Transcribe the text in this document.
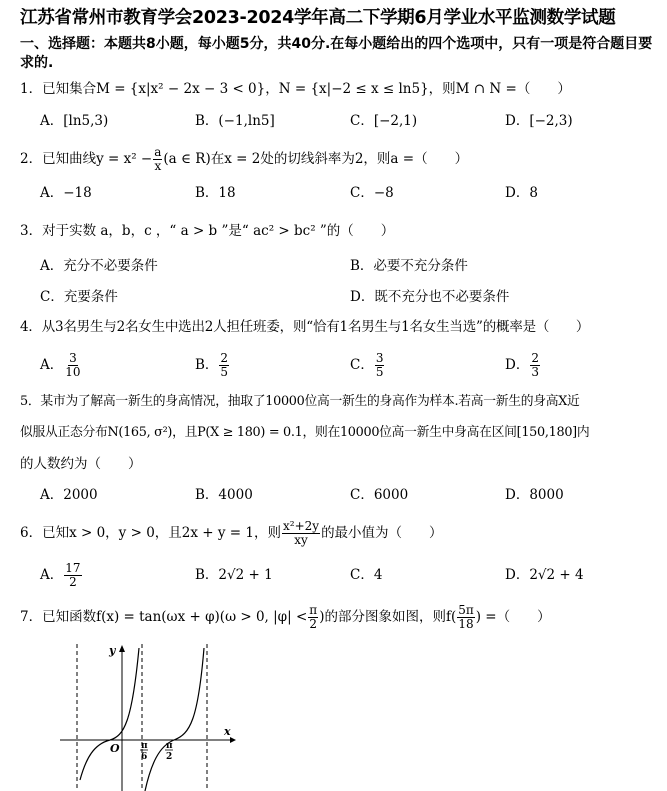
江苏省常州市教育学会2023-2024学年高二下学期6月学业水平监测数学试题
一、选择题：本题共8小题，每小题5分，共40分.在每小题给出的四个选项中，只有一项是符合题目要求的.
1．已知集合M = {x|x² − 2x − 3 < 0}，N = {x|−2 ≤ x ≤ ln5}，则M ∩ N =（　　）
A．[ln5,3)	B．(−1,ln5]	C．[−2,1)	D．[−2,3)
2．已知曲线$y = x^2 - \frac{a}{x} (a$ ∈ R)在x = 2处的切线斜率为2，则a =（　　）
A．−18	B．18	C．−8	D．8
3．对于实数 a，b，c ，“ a > b ”是“ ac² > bc² ”的（　　）
A．充分不必要条件	B．必要不充分条件
C．充要条件	D．既不充分也不必要条件
4．从3名男生与2名女生中选出2人担任班委，则“恰有1名男生与1名女生当选”的概率是（　　）
A． $\frac{3}{10}$	B． $\frac{2}{5}$	C． $\frac{3}{5}$	D． $\frac{2}{3}$
5．某市为了解高一新生的身高情况，抽取了10000位高一新生的身高作为样本.若高一新生的身高X近
似服从正态分布N(165, σ²)，且P(X ≥ 180) = 0.1，则在10000位高一新生中身高在区间[150,180]内
的人数约为（　　）
A．2000	B．4000	C．6000	D．8000
6．已知x > 0，y > 0，且2x + y = 1，则 $\frac{\text{x²+2y}}{xy}$ 的最小值为（　　）
A． $\frac{17}{2}$	B．2√2 + 1	C．4	D．2√2 + 4
7．已知函数f(x) = tan(ωx + φ)(ω > 0, $|\varphi| < \frac{\pi}{2}$ )的部分图象如图，则$f( \frac{5\pi}{18}$ ) =（　　）
y
x
O π
6
π
2
